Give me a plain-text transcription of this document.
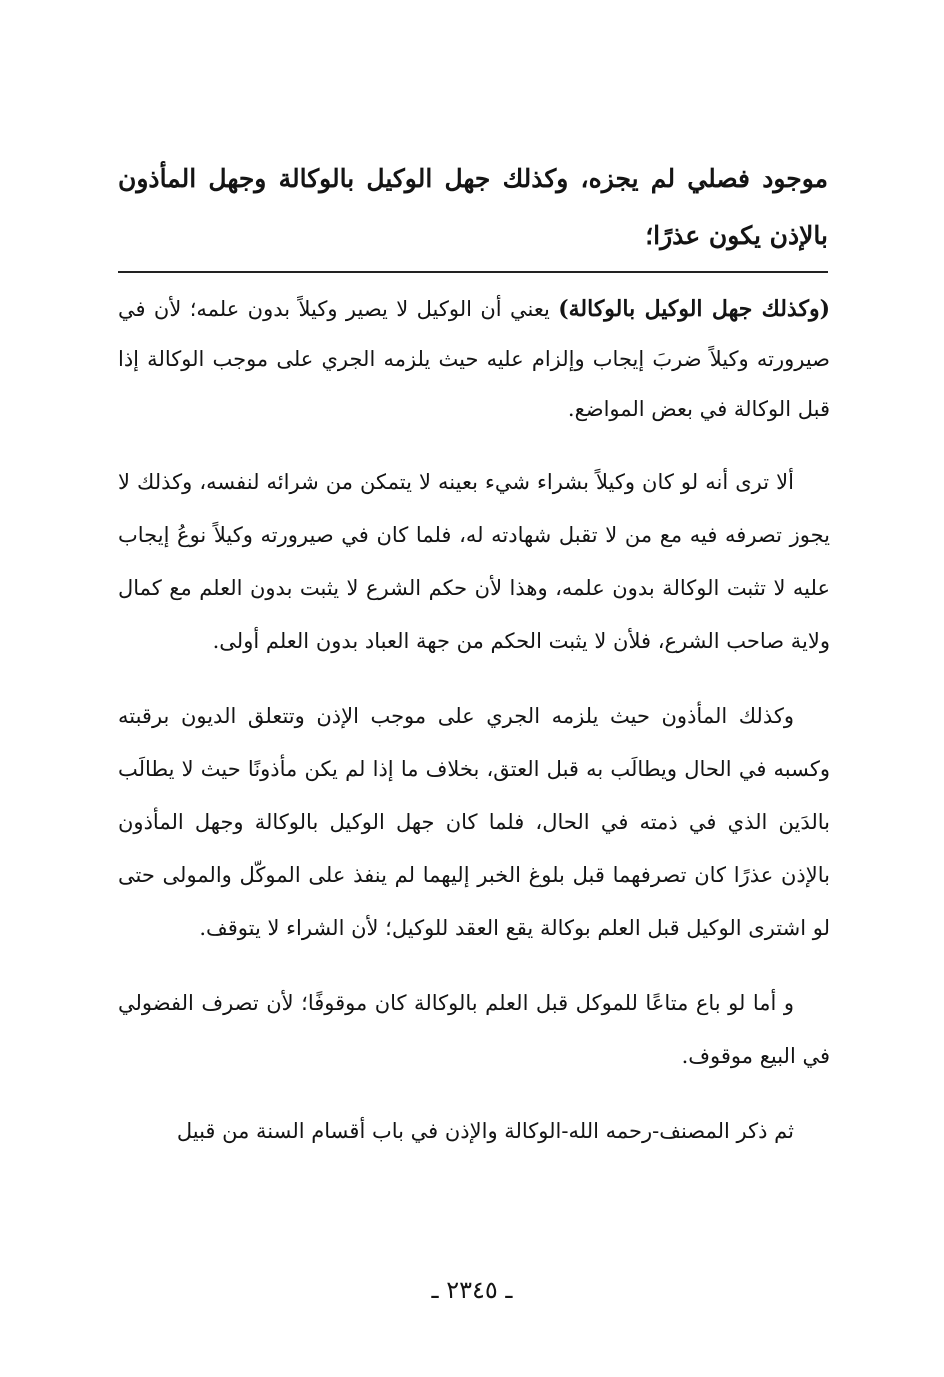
موجود فصلي لم يجزه، وكذلك جهل الوكيل بالوكالة وجهل المأذون بالإذن يكون عذرًا؛

(وكذلك جهل الوكيل بالوكالة) يعني أن الوكيل لا يصير وكيلاً بدون علمه؛ لأن في صيرورته وكيلاً ضربَ إيجاب وإلزام عليه حيث يلزمه الجري على موجب الوكالة إذا قبل الوكالة في بعض المواضع.

ألا ترى أنه لو كان وكيلاً بشراء شيء بعينه لا يتمكن من شرائه لنفسه، وكذلك لا يجوز تصرفه فيه مع من لا تقبل شهادته له، فلما كان في صيرورته وكيلاً نوعُ إيجاب عليه لا تثبت الوكالة بدون علمه، وهذا لأن حكم الشرع لا يثبت بدون العلم مع كمال ولاية صاحب الشرع، فلأن لا يثبت الحكم من جهة العباد بدون العلم أولى.

وكذلك المأذون حيث يلزمه الجري على موجب الإذن وتتعلق الديون برقبته وكسبه في الحال ويطالَب به قبل العتق، بخلاف ما إذا لم يكن مأذونًا حيث لا يطالَب بالدَين الذي في ذمته في الحال، فلما كان جهل الوكيل بالوكالة وجهل المأذون بالإذن عذرًا كان تصرفهما قبل بلوغ الخبر إليهما لم ينفذ على الموكّل والمولى حتى لو اشترى الوكيل قبل العلم بوكالة يقع العقد للوكيل؛ لأن الشراء لا يتوقف.

و أما لو باع متاعًا للموكل قبل العلم بالوكالة كان موقوفًا؛ لأن تصرف الفضولي في البيع موقوف.

ثم ذكر المصنف-رحمه الله-الوكالة والإذن في باب أقسام السنة من قبيل

ـ ٢٣٤٥ ـ
